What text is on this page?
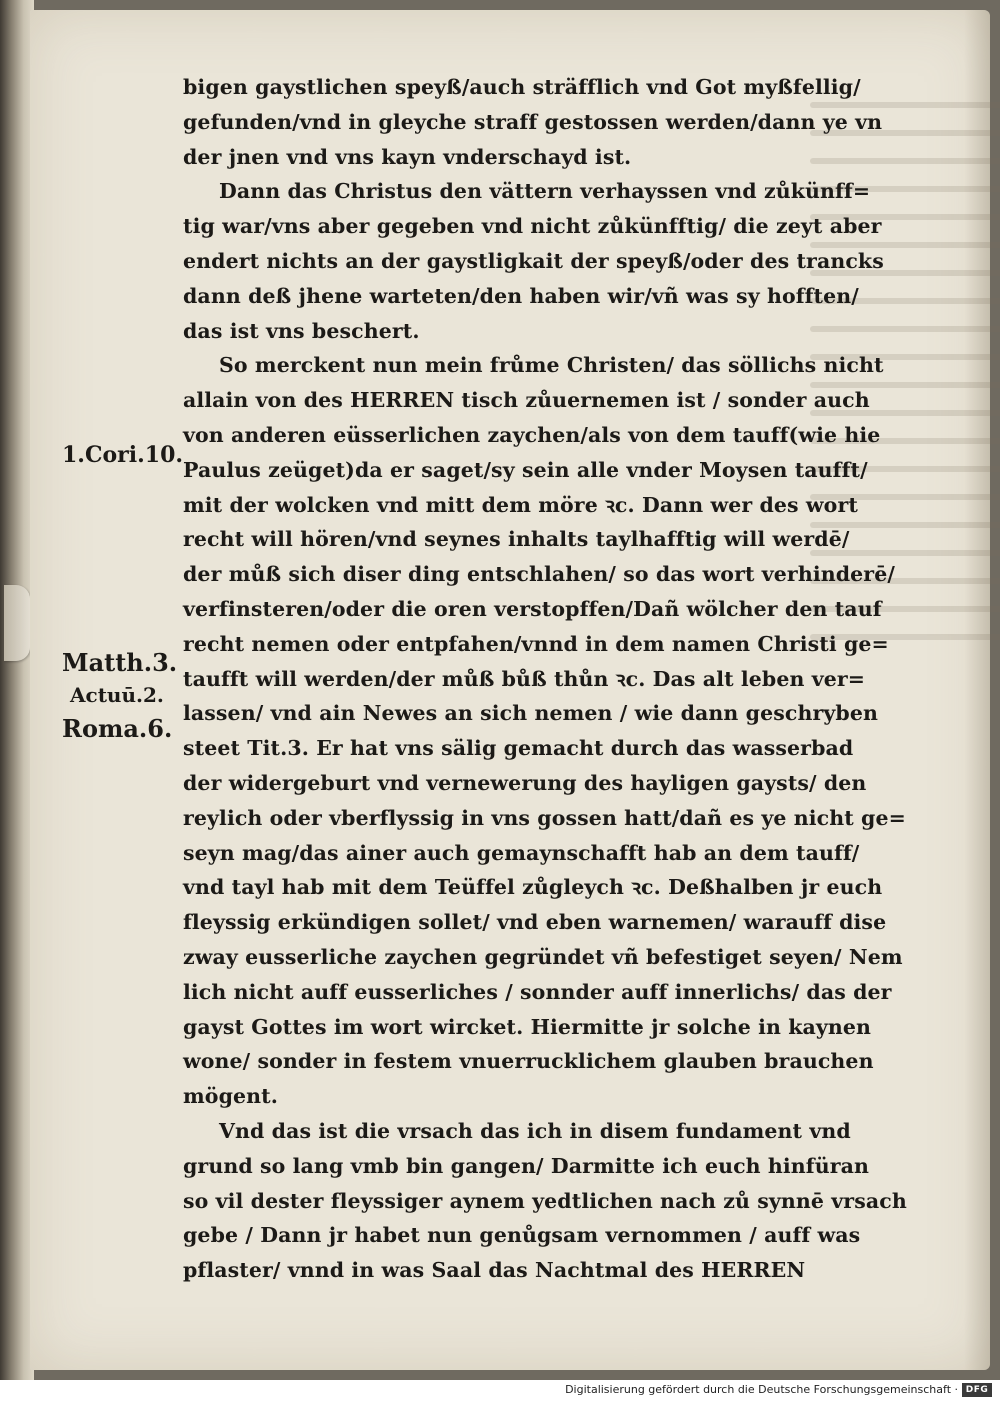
bigen gaystlichen speyß/auch sträfflich vnd Got myßfellig/
gefunden/vnd in gleyche straff gestossen werden/dann ye vn
der jnen vnd vns kayn vnderschayd ist.
Dann das Christus den vättern verhayssen vnd zůkünff=
tig war/vns aber gegeben vnd nicht zůkünfftig/ die zeyt aber
endert nichts an der gaystligkait der speyß/oder des trancks
dann deß jhene warteten/den haben wir/vñ was sy hofften/
das ist vns beschert.
So merckent nun mein frůme Christen/ das söllichs nicht
allain von des HERREN tisch zůuernemen ist / sonder auch
von anderen eüsserlichen zaychen/als von dem tauff(wie hie
Paulus zeüget)da er saget/sy sein alle vnder Moysen taufft/
mit der wolcken vnd mitt dem möre ꝛc. Dann wer des wort
recht will hören/vnd seynes inhalts taylhafftig will werdē/
der můß sich diser ding entschlahen/ so das wort verhinderē/
verfinsteren/oder die oren verstopffen/Dañ wölcher den tauf
recht nemen oder entpfahen/vnnd in dem namen Christi ge=
taufft will werden/der můß bůß thůn ꝛc. Das alt leben ver=
lassen/ vnd ain Newes an sich nemen / wie dann geschryben
steet Tit.3. Er hat vns sälig gemacht durch das wasserbad
der widergeburt vnd vernewerung des hayligen gaysts/ den
reylich oder vberflyssig in vns gossen hatt/dañ es ye nicht ge=
seyn mag/das ainer auch gemaynschafft hab an dem tauff/
vnd tayl hab mit dem Teüffel zůgleych ꝛc. Deßhalben jr euch
fleyssig erkündigen sollet/ vnd eben warnemen/ warauff dise
zway eusserliche zaychen gegründet vñ befestiget seyen/ Nem
lich nicht auff eusserliches / sonnder auff innerlichs/ das der
gayst Gottes im wort wircket. Hiermitte jr solche in kaynen
wone/ sonder in festem vnuerrucklichem glauben brauchen
mögent.
Vnd das ist die vrsach das ich in disem fundament vnd
grund so lang vmb bin gangen/ Darmitte ich euch hinfüran
so vil dester fleyssiger aynem yedtlichen nach zů synnē vrsach
gebe / Dann jr habet nun genůgsam vernommen / auff was
pflaster/ vnnd in was Saal das Nachtmal des HERREN
1.Cori.10.
Matth.3.
Actuū.2.
Roma.6.
Digitalisierung gefördert durch die Deutsche Forschungsgemeinschaft · DFG
